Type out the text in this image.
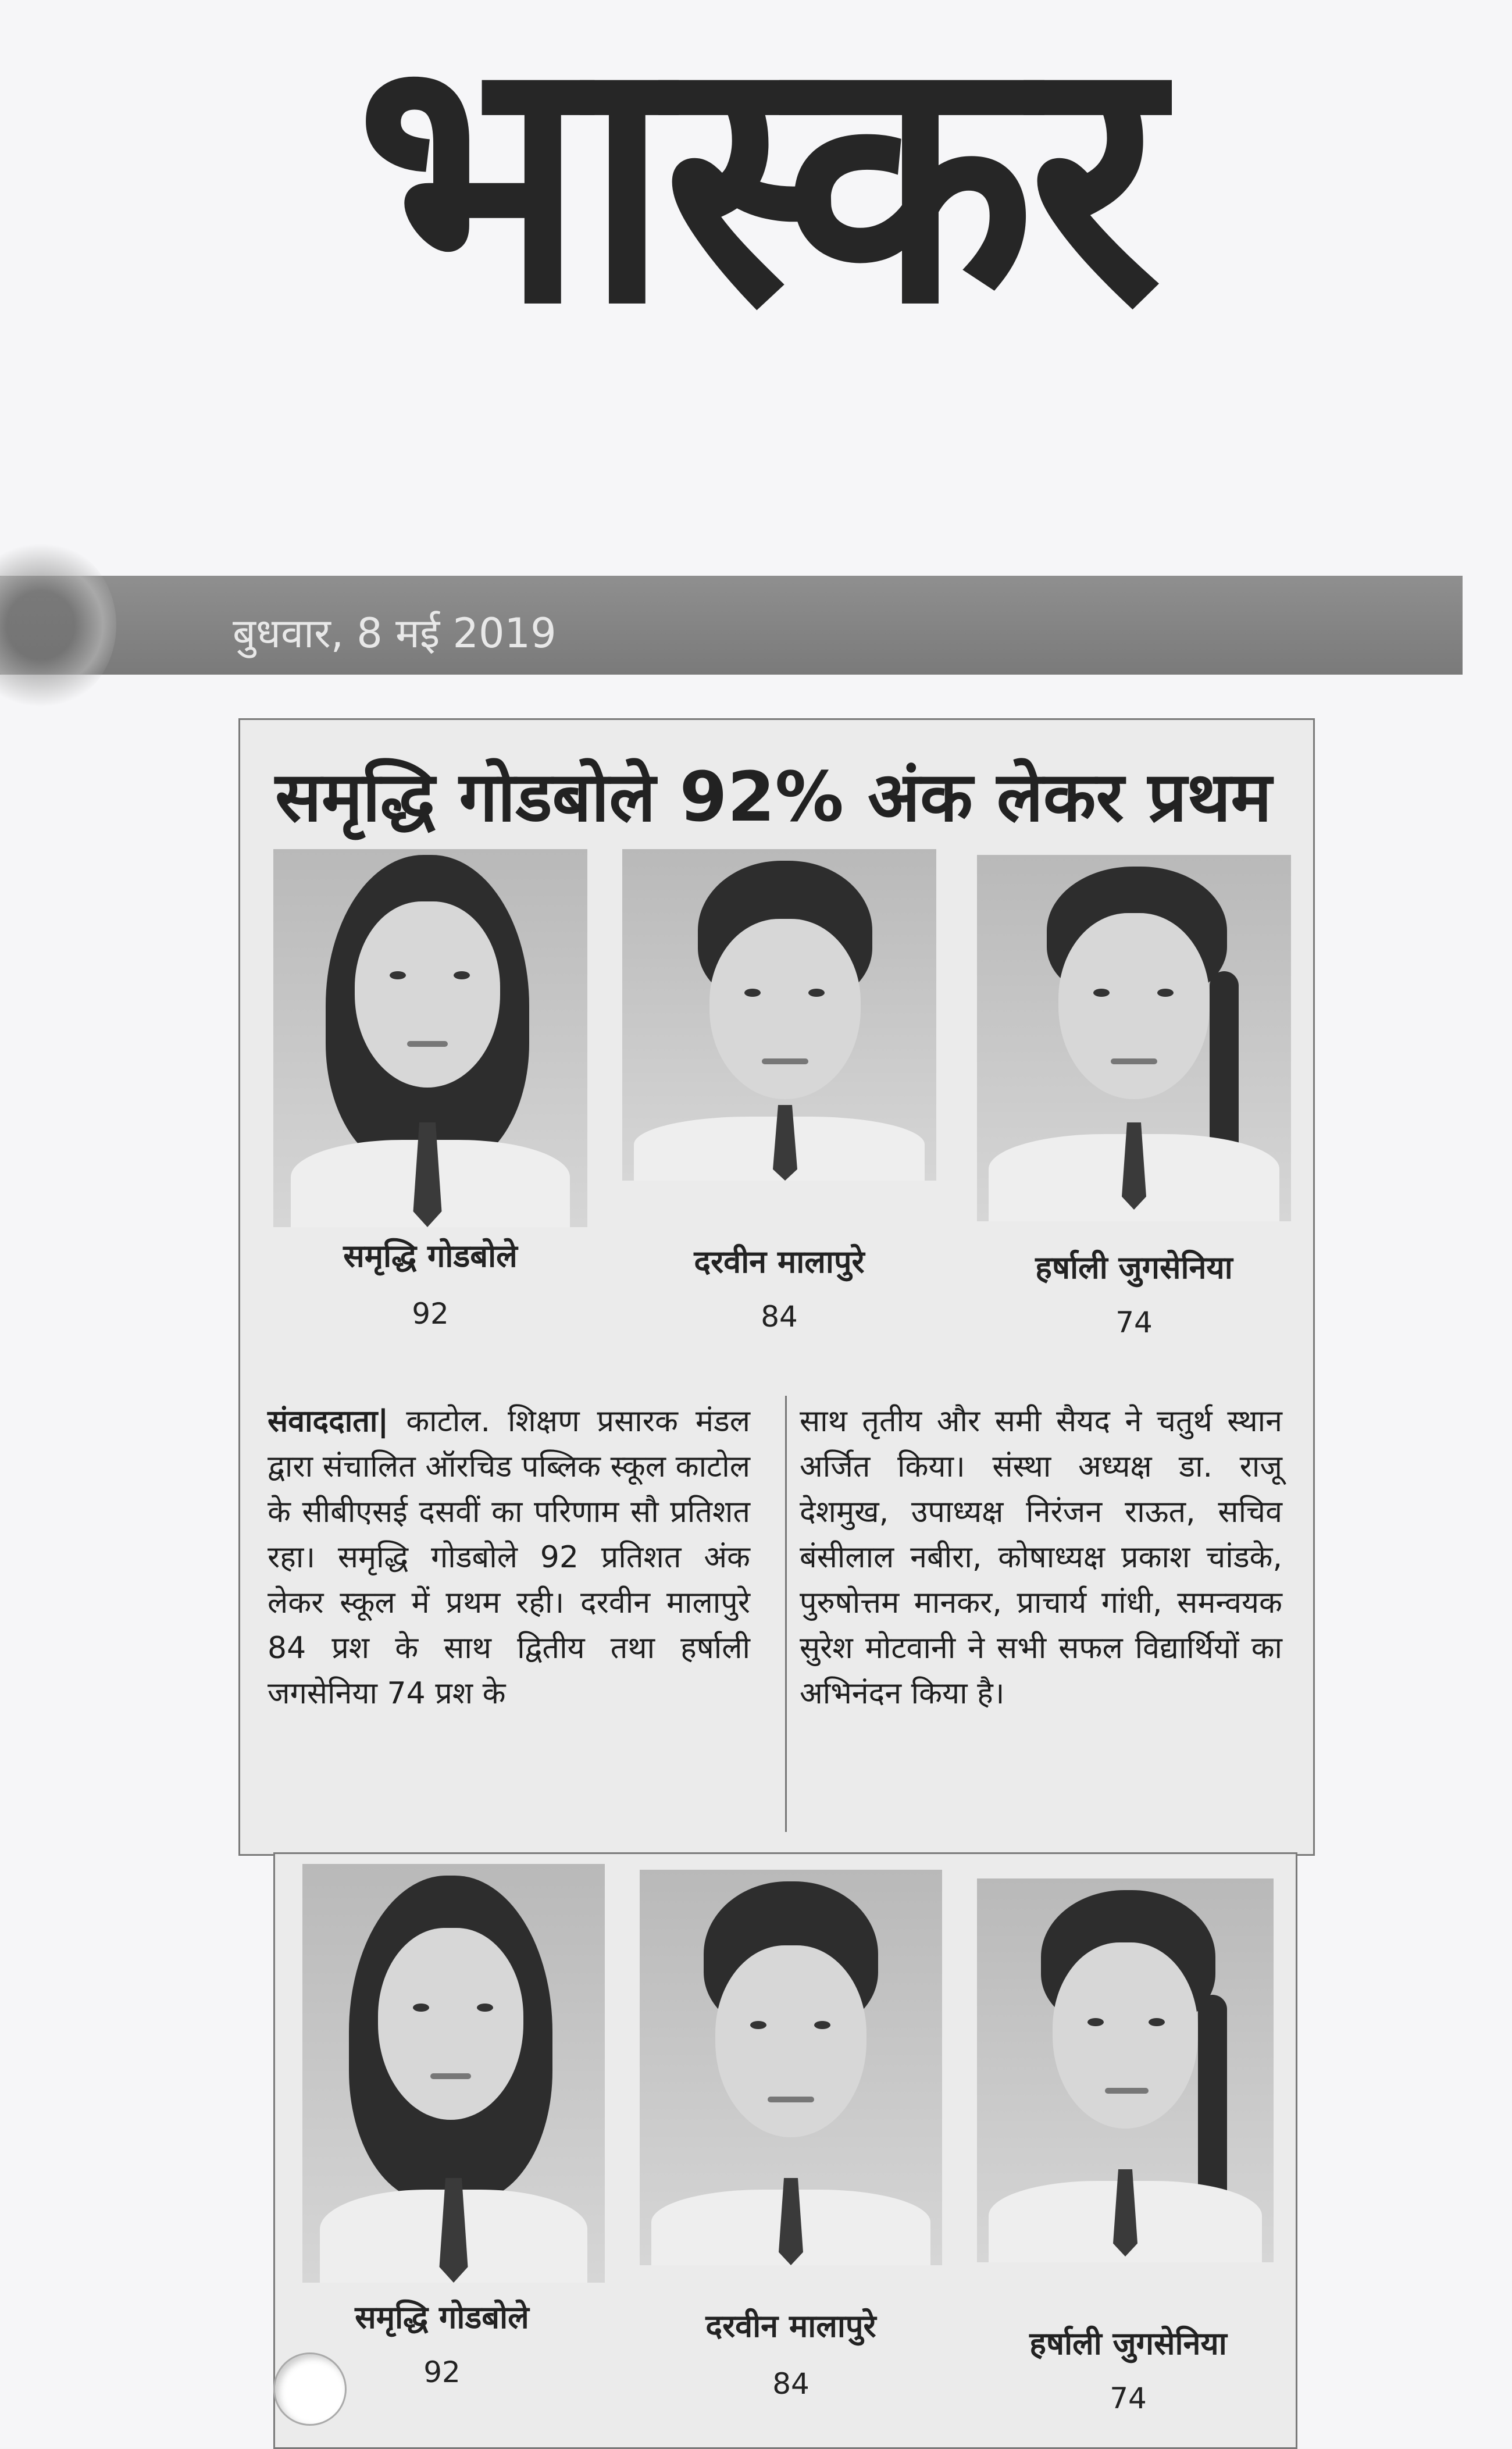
भास्कर
बुधवार, 8 मई 2019
समृद्धि गोडबोले 92% अंक लेकर प्रथम
समृद्धि गोडबोले
92
दरवीन मालापुरे
84
हर्षाली जुगसेनिया
74
संवाददाता| काटोल. शिक्षण प्रसारक मंडल द्वारा संचालित ऑरचिड पब्लिक स्कूल काटोल के सीबीएसई दसवीं का परिणाम सौ प्रतिशत रहा। समृद्धि गोडबोले 92 प्रतिशत अंक लेकर स्कूल में प्रथम रही। दरवीन मालापुरे 84 प्रश के साथ द्वितीय तथा हर्षाली जगसेनिया 74 प्रश के
साथ तृतीय और समी सैयद ने चतुर्थ स्थान अर्जित किया। संस्था अध्यक्ष डा. राजू देशमुख, उपाध्यक्ष निरंजन राऊत, सचिव बंसीलाल नबीरा, कोषाध्यक्ष प्रकाश चांडके, पुरुषोत्तम मानकर, प्राचार्य गांधी, समन्वयक सुरेश मोटवानी ने सभी सफल विद्यार्थियों का अभिनंदन किया है।
समृद्धि गोडबोले
92
दरवीन मालापुरे
84
हर्षाली जुगसेनिया
74
